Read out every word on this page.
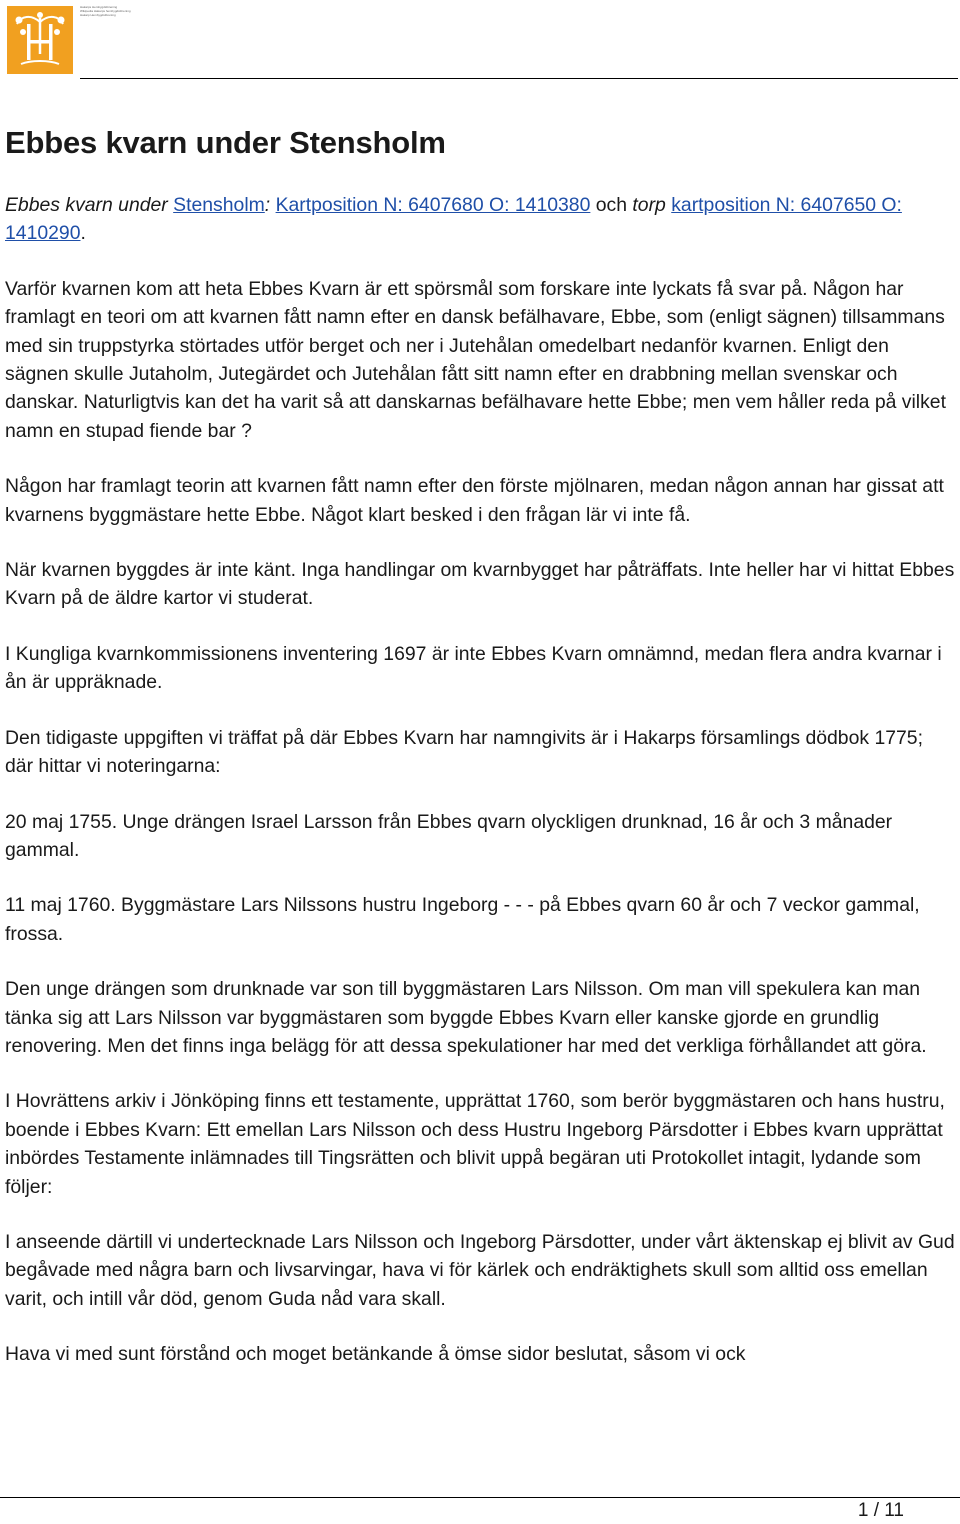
Hakarps Hembygdsförening
Wikipedia Hakarps hembygdsförening
Hakarp Hembygdsförening
Ebbes kvarn under Stensholm

Ebbes kvarn under Stensholm: Kartposition N: 6407680 O: 1410380 och torp kartposition N: 6407650 O: 1410290.

Varför kvarnen kom att heta Ebbes Kvarn är ett spörsmål som forskare inte lyckats få svar på. Någon har framlagt en teori om att kvarnen fått namn efter en dansk befälhavare, Ebbe, som (enligt sägnen) tillsammans med sin truppstyrka störtades utför berget och ner i Jutehålan omedelbart nedanför kvarnen. Enligt den sägnen skulle Jutaholm, Jutegärdet och Jutehålan fått sitt namn efter en drabbning mellan svenskar och danskar. Naturligtvis kan det ha varit så att danskarnas befälhavare hette Ebbe; men vem håller reda på vilket namn en stupad fiende bar ?

Någon har framlagt teorin att kvarnen fått namn efter den förste mjölnaren, medan någon annan har gissat att kvarnens byggmästare hette Ebbe. Något klart besked i den frågan lär vi inte få.

När kvarnen byggdes är inte känt. Inga handlingar om kvarnbygget har påträffats. Inte heller har vi hittat Ebbes Kvarn på de äldre kartor vi studerat.

I Kungliga kvarnkommissionens inventering 1697 är inte Ebbes Kvarn omnämnd, medan flera andra kvarnar i ån är uppräknade.

Den tidigaste uppgiften vi träffat på där Ebbes Kvarn har namngivits är i Hakarps församlings dödbok 1775; där hittar vi noteringarna:

20 maj 1755. Unge drängen Israel Larsson från Ebbes qvarn olyckligen drunknad, 16 år och 3 månader gammal.

11 maj 1760. Byggmästare Lars Nilssons hustru Ingeborg - - - på Ebbes qvarn 60 år och 7 veckor gammal, frossa.

Den unge drängen som drunknade var son till byggmästaren Lars Nilsson. Om man vill spekulera kan man tänka sig att Lars Nilsson var byggmästaren som byggde Ebbes Kvarn eller kanske gjorde en grundlig renovering. Men det finns inga belägg för att dessa spekulationer har med det verkliga förhållandet att göra.

I Hovrättens arkiv i Jönköping finns ett testamente, upprättat 1760, som berör byggmästaren och hans hustru, boende i Ebbes Kvarn: Ett emellan Lars Nilsson och dess Hustru Ingeborg Pärsdotter i Ebbes kvarn upprättat inbördes Testamente inlämnades till Tingsrätten och blivit uppå begäran uti Protokollet intagit, lydande som följer:

I anseende därtill vi undertecknade Lars Nilsson och Ingeborg Pärsdotter, under vårt äktenskap ej blivit av Gud begåvade med några barn och livsarvingar, hava vi för kärlek och endräktighets skull som alltid oss emellan varit, och intill vår död, genom Guda nåd vara skall.

Hava vi med sunt förstånd och moget betänkande å ömse sidor beslutat, såsom vi ock

1 / 11
